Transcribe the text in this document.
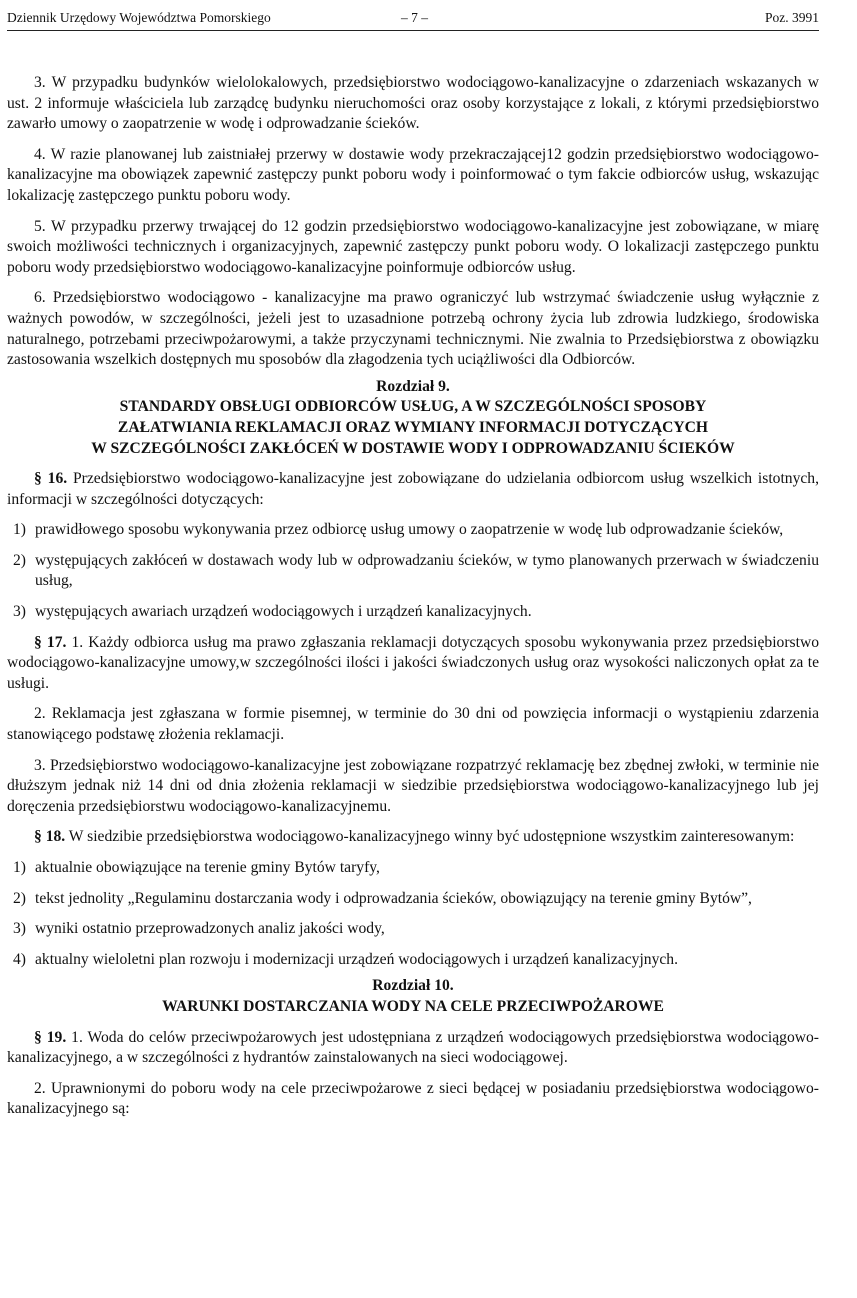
Dziennik Urzędowy Województwa Pomorskiego	– 7 –	Poz. 3991

3. W przypadku budynków wielolokalowych, przedsiębiorstwo wodociągowo-kanalizacyjne o zdarzeniach wskazanych w ust. 2 informuje właściciela lub zarządcę budynku nieruchomości oraz osoby korzystające z lokali, z którymi przedsiębiorstwo zawarło umowy o zaopatrzenie w wodę i odprowadzanie ścieków.

4. W razie planowanej lub zaistniałej przerwy w dostawie wody przekraczającej12 godzin przedsiębiorstwo wodociągowo-kanalizacyjne ma obowiązek zapewnić zastępczy punkt poboru wody i poinformować o tym fakcie odbiorców usług, wskazując lokalizację zastępczego punktu poboru wody.

5. W przypadku przerwy trwającej do 12 godzin przedsiębiorstwo wodociągowo-kanalizacyjne jest zobowiązane, w miarę swoich możliwości technicznych i organizacyjnych, zapewnić zastępczy punkt poboru wody. O lokalizacji zastępczego punktu poboru wody przedsiębiorstwo wodociągowo-kanalizacyjne poinformuje odbiorców usług.

6. Przedsiębiorstwo wodociągowo - kanalizacyjne ma prawo ograniczyć lub wstrzymać świadczenie usług wyłącznie z ważnych powodów, w szczególności, jeżeli jest to uzasadnione potrzebą ochrony życia lub zdrowia ludzkiego, środowiska naturalnego, potrzebami przeciwpożarowymi, a także przyczynami technicznymi. Nie zwalnia to Przedsiębiorstwa z obowiązku zastosowania wszelkich dostępnych mu sposobów dla złagodzenia tych uciążliwości dla Odbiorców.

Rozdział 9.
STANDARDY OBSŁUGI ODBIORCÓW USŁUG, A W SZCZEGÓLNOŚCI SPOSOBY
ZAŁATWIANIA REKLAMACJI ORAZ WYMIANY INFORMACJI DOTYCZĄCYCH
W SZCZEGÓLNOŚCI ZAKŁÓCEŃ W DOSTAWIE WODY I ODPROWADZANIU ŚCIEKÓW

§ 16. Przedsiębiorstwo wodociągowo-kanalizacyjne jest zobowiązane do udzielania odbiorcom usług wszelkich istotnych, informacji w szczególności dotyczących:

1) prawidłowego sposobu wykonywania przez odbiorcę usług umowy o zaopatrzenie w wodę lub odprowadzanie ścieków,

2) występujących zakłóceń w dostawach wody lub w odprowadzaniu ścieków, w tymo planowanych przerwach w świadczeniu usług,

3) występujących awariach urządzeń wodociągowych i urządzeń kanalizacyjnych.

§ 17. 1. Każdy odbiorca usług ma prawo zgłaszania reklamacji dotyczących sposobu wykonywania przez przedsiębiorstwo wodociągowo-kanalizacyjne umowy,w szczególności ilości i jakości świadczonych usług oraz wysokości naliczonych opłat za te usługi.

2. Reklamacja jest zgłaszana w formie pisemnej, w terminie do 30 dni od powzięcia informacji o wystąpieniu zdarzenia stanowiącego podstawę złożenia reklamacji.

3. Przedsiębiorstwo wodociągowo-kanalizacyjne jest zobowiązane rozpatrzyć reklamację bez zbędnej zwłoki, w terminie nie dłuższym jednak niż 14 dni od dnia złożenia reklamacji w siedzibie przedsiębiorstwa wodociągowo-kanalizacyjnego lub jej doręczenia przedsiębiorstwu wodociągowo-kanalizacyjnemu.

§ 18. W siedzibie przedsiębiorstwa wodociągowo-kanalizacyjnego winny być udostępnione wszystkim zainteresowanym:

1) aktualnie obowiązujące na terenie gminy Bytów taryfy,

2) tekst jednolity „Regulaminu dostarczania wody i odprowadzania ścieków, obowiązujący na terenie gminy Bytów”,

3) wyniki ostatnio przeprowadzonych analiz jakości wody,

4) aktualny wieloletni plan rozwoju i modernizacji urządzeń wodociągowych i urządzeń kanalizacyjnych.

Rozdział 10.
WARUNKI DOSTARCZANIA WODY NA CELE PRZECIWPOŻAROWE

§ 19. 1. Woda do celów przeciwpożarowych jest udostępniana z urządzeń wodociągowych przedsiębiorstwa wodociągowo-kanalizacyjnego, a w szczególności z hydrantów zainstalowanych na sieci wodociągowej.

2. Uprawnionymi do poboru wody na cele przeciwpożarowe z sieci będącej w posiadaniu przedsiębiorstwa wodociągowo-kanalizacyjnego są:
